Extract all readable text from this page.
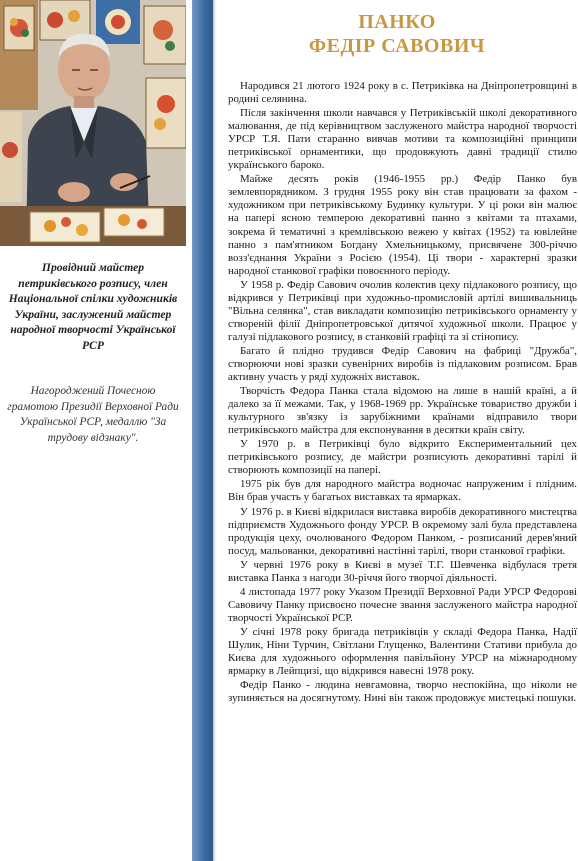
Провідний майстер петриківського розпису, член Національної спілки художників України, заслужений майстер народної творчості Української РСР

Нагороджений Почесною грамотою Президії Верховної Ради Української РСР, медаллю "За трудову відзнаку".

ПАНКО
ФЕДІР САВОВИЧ

Народився 21 лютого 1924 року в с. Петриківка на Дніпропетровщині в родині селянина.

Після закінчення школи навчався у Петриківській школі декоративного малювання, де під керівництвом заслуженого майстра народної творчості УРСР Т.Я. Пати старанно вивчав мотиви та композиційні принципи петриківської орнаментики, що продовжують давні традиції стилю українського бароко.

Майже десять років (1946-1955 рр.) Федір Панко був землевпорядником. З грудня 1955 року він став працювати за фахом - художником при петриківському Будинку культури. У ці роки він малює на папері ясною темперою декоративні панно з квітами та птахами, зокрема й тематичні з кремлівською вежею у квітах (1952) та ювілейне панно з пам'ятником Богдану Хмельницькому, присвячене 300-річчю возз'єднання України з Росією (1954). Ці твори - характерні зразки народної станкової графіки повоєнного періоду.

У 1958 р. Федір Савович очолив колектив цеху підлакового розпису, що відкрився у Петриківці при художньо-промисловій артілі вишивальниць "Вільна селянка", став викладати композицію петриківського орнаменту у створеній філії Дніпропетровської дитячої художньої школи. Працює у галузі підлакового розпису, в станковій графіці та зі стінопису.

Багато й плідно трудився Федір Савович на фабриці "Дружба", створюючи нові зразки сувенірних виробів із підлаковим розписом. Брав активну участь у ряді художніх виставок.

Творчість Федора Панка стала відомою на лише в нашій країні, а й далеко за її межами. Так, у 1968-1969 рр. Українське товариство дружби і культурного зв'язку із зарубіжними країнами відправило твори петриківського майстра для експонування в десятки країн світу.

У 1970 р. в Петриківці було відкрито Експериментальний цех петриківського розпису, де майстри розписують декоративні тарілі й створюють композиції на папері.

1975 рік був для народного майстра водночас напруженим і плідним. Він брав участь у багатьох виставках та ярмарках.

У 1976 р. в Києві відкрилася виставка виробів декоративного мистецтва підприємств Художнього фонду УРСР. В окремому залі була представлена продукція цеху, очолюваного Федором Панком, - розписаний дерев'яний посуд, мальованки, декоративні настінні тарілі, твори станкової графіки.

У червні 1976 року в Києві в музеї Т.Г. Шевченка відбулася третя виставка Панка з нагоди 30-річчя його творчої діяльності.

4 листопада 1977 року Указом Президії Верховної Ради УРСР Федорові Савовичу Панку присвоєно почесне звання заслуженого майстра народної творчості Української РСР.

У січні 1978 року бригада петриківців у складі Федора Панка, Надії Шулик, Ніни Турчин, Світлани Глущенко, Валентини Стативи прибула до Києва для художнього оформлення павільйону УРСР на міжнародному ярмарку в Лейпцизі, що відкрився навесні 1978 року.

Федір Панко - людина невгамовна, творчо неспокійна, що ніколи не зупиняється на досягнутому. Нині він також продовжує мистецькі пошуки.
